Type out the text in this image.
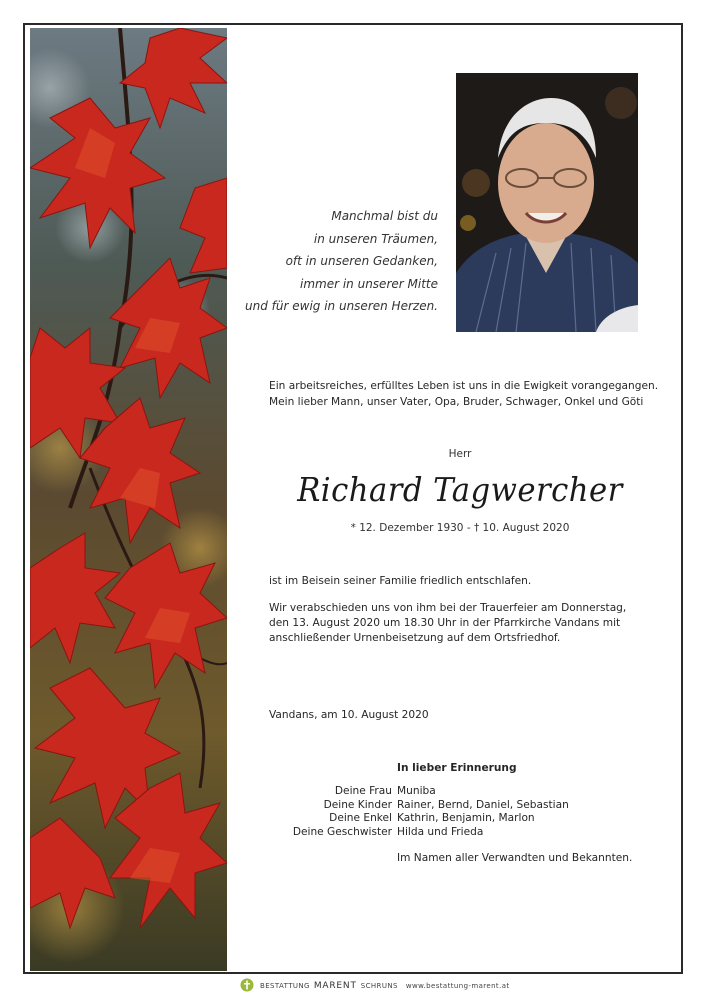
Manchmal bist du
in unseren Träumen,
oft in unseren Gedanken,
immer in unserer Mitte
und für ewig in unseren Herzen.
Ein arbeitsreiches, erfülltes Leben ist uns in die Ewigkeit vorangegangen.
Mein lieber Mann, unser Vater, Opa, Bruder, Schwager, Onkel und Göti
Herr
Richard Tagwercher
* 12. Dezember 1930 - † 10. August 2020
ist im Beisein seiner Familie friedlich entschlafen.
Wir verabschieden uns von ihm bei der Trauerfeier am Donnerstag,
den 13. August 2020 um 18.30 Uhr in der Pfarrkirche Vandans mit
anschließender Urnenbeisetzung auf dem Ortsfriedhof.
Vandans, am 10. August 2020
In lieber Erinnerung
Deine Frau Muniba
Deine Kinder Rainer, Bernd, Daniel, Sebastian
Deine Enkel Kathrin, Benjamin, Marlon
Deine Geschwister Hilda und Frieda
Im Namen aller Verwandten und Bekannten.
BESTATTUNG MARENT SCHRUNS www.bestattung-marent.at
